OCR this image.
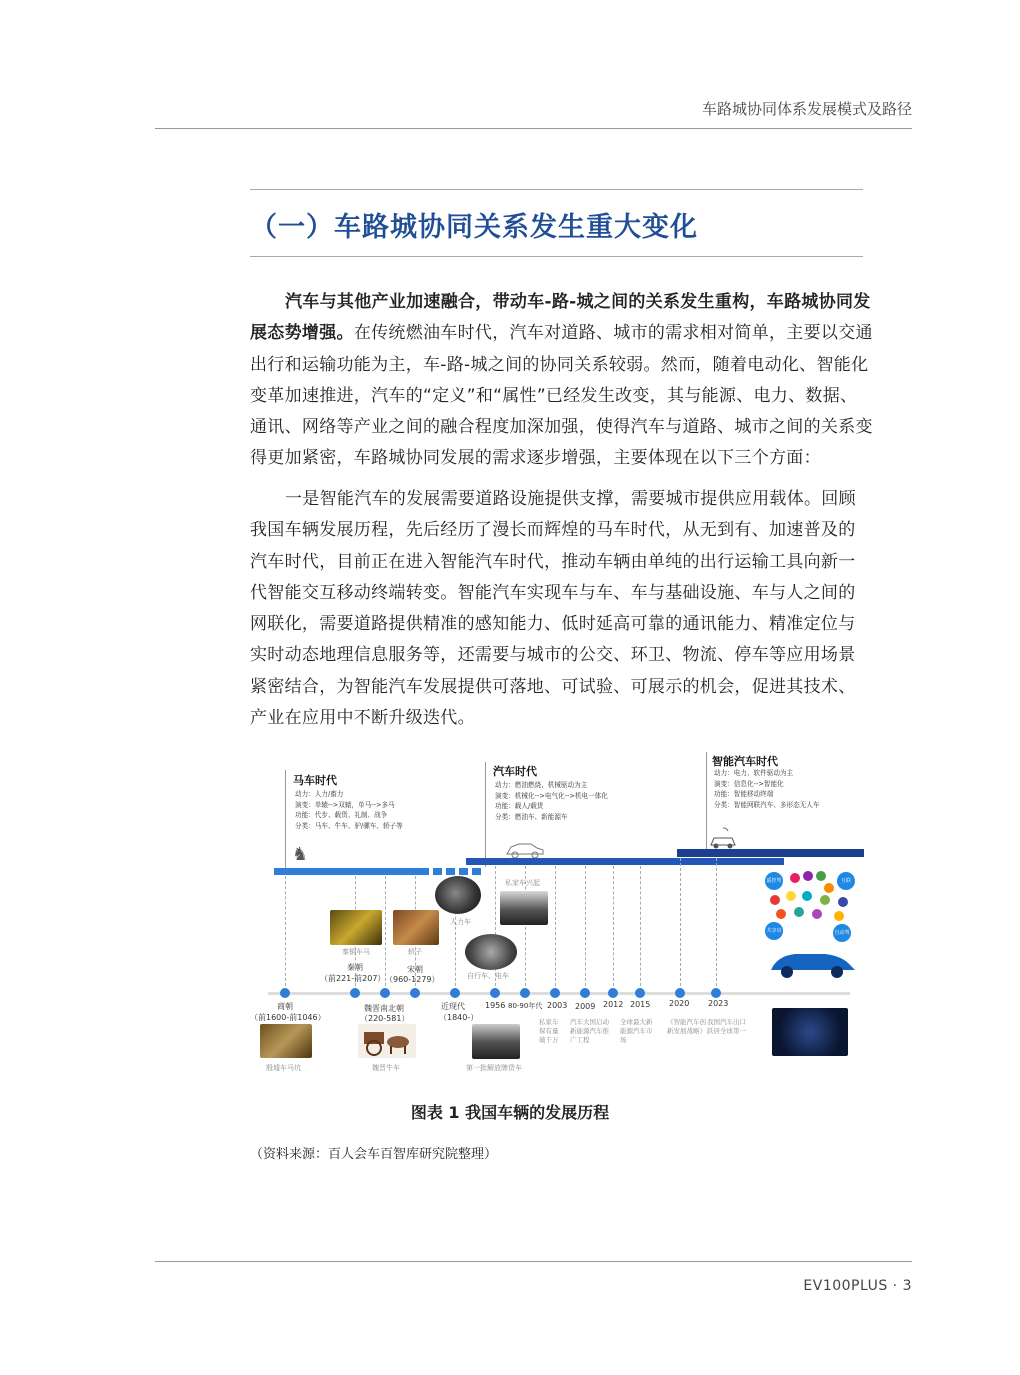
车路城协同体系发展模式及路径
（一）车路城协同关系发生重大变化
汽车与其他产业加速融合，带动车-路-城之间的关系发生重构，车路城协同发
展态势增强。在传统燃油车时代，汽车对道路、城市的需求相对简单，主要以交通
出行和运输功能为主，车-路-城之间的协同关系较弱。然而，随着电动化、智能化
变革加速推进，汽车的“定义”和“属性”已经发生改变，其与能源、电力、数据、
通讯、网络等产业之间的融合程度加深加强，使得汽车与道路、城市之间的关系变
得更加紧密，车路城协同发展的需求逐步增强，主要体现在以下三个方面：
一是智能汽车的发展需要道路设施提供支撑，需要城市提供应用载体。回顾
我国车辆发展历程，先后经历了漫长而辉煌的马车时代，从无到有、加速普及的
汽车时代，目前正在进入智能汽车时代，推动车辆由单纯的出行运输工具向新一
代智能交互移动终端转变。智能汽车实现车与车、车与基础设施、车与人之间的
网联化，需要道路提供精准的感知能力、低时延高可靠的通讯能力、精准定位与
实时动态地理信息服务等，还需要与城市的公交、环卫、物流、停车等应用场景
紧密结合，为智能汽车发展提供可落地、可试验、可展示的机会，促进其技术、
产业在应用中不断升级迭代。
马车时代
动力：人力/畜力
演变：单辕-->双辕，单马-->多马
功能：代步、载货、礼制、战争
分类：马车、牛车、驴/骡车、轿子等
♞
汽车时代
动力：燃油燃烧、机械驱动为主
演变：机械化-->电气化-->机电一体化
功能：载人/载货
分类：燃油车、新能源车
智能汽车时代
动力：电力、软件驱动为主
演变：信息化-->智能化
功能：智能移动终端
分类：智能网联汽车、多形态无人车
秦朝
（前221-前207）
宋朝
（960-1279）
商朝
（前1600-前1046）
魏晋南北朝
（220-581）
近现代
（1840-）
1956 80-90年代 2003 2009 2012 2015 2020 2023
私家车保有量破千万
汽车大国启动新能源汽车推广工程
全球最大新能源汽车市场
《智能汽车创新发展战略》
我国汽车出口跃居全球第一
秦铜车马	轿子
人力车
自行车、电车
私家车兴起
殷墟车马坑	魏晋牛车	第一批解放牌货车
遥控驾	互联
共享出行
自动驾驶
图表 1 我国车辆的发展历程
（资料来源：百人会车百智库研究院整理）
EV100PLUS · 3
